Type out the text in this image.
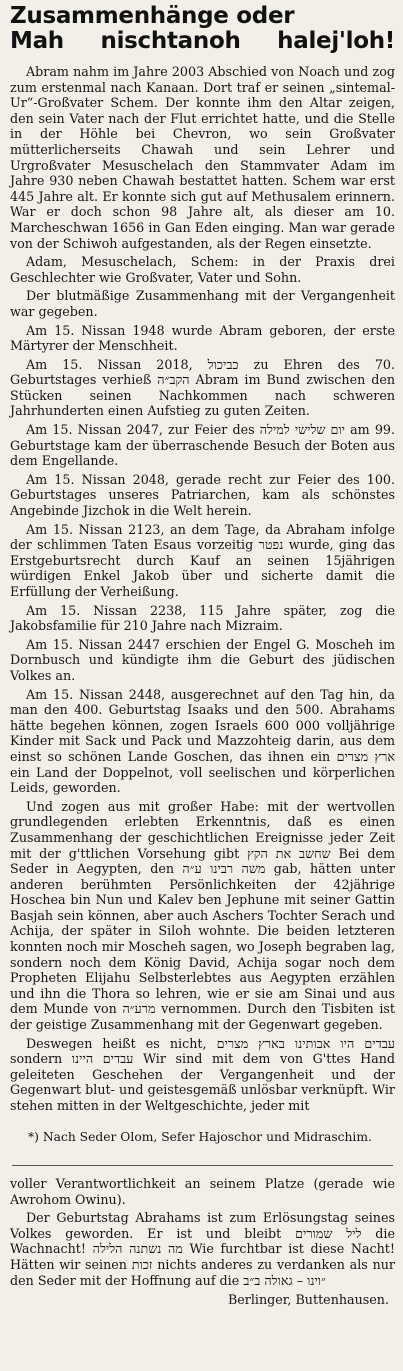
Zusammenhänge oder
Mah nischtanoh halej'loh!

Abram nahm im Jahre 2003 Abschied von Noach und zog zum erstenmal nach Kanaan. Dort traf er seinen „sintemal-Ur“-Großvater Schem. Der konnte ihm den Altar zeigen, den sein Vater nach der Flut errichtet hatte, und die Stelle in der Höhle bei Chevron, wo sein Großvater mütterlicherseits Chawah und sein Lehrer und Urgroßvater Mesuschelach den Stammvater Adam im Jahre 930 neben Chawah bestattet hatten. Schem war erst 445 Jahre alt. Er konnte sich gut auf Methusalem erinnern. War er doch schon 98 Jahre alt, als dieser am 10. Marcheschwan 1656 in Gan Eden einging. Man war gerade von der Schiwoh aufgestanden, als der Regen einsetzte.

Adam, Mesuschelach, Schem: in der Praxis drei Geschlechter wie Großvater, Vater und Sohn.

Der blutmäßige Zusammenhang mit der Vergangenheit war gegeben.

Am 15. Nissan 1948 wurde Abram geboren, der erste Märtyrer der Menschheit.

Am 15. Nissan 2018, כביכול zu Ehren des 70. Geburtstages verhieß הקב״ה Abram im Bund zwischen den Stücken seinen Nachkommen nach schweren Jahrhunderten einen Aufstieg zu guten Zeiten.

Am 15. Nissan 2047, zur Feier des יום שלישי למילה am 99. Geburtstage kam der überraschende Besuch der Boten aus dem Engellande.

Am 15. Nissan 2048, gerade recht zur Feier des 100. Geburtstages unseres Patriarchen, kam als schönstes Angebinde Jizchok in die Welt herein.

Am 15. Nissan 2123, an dem Tage, da Abraham infolge der schlimmen Taten Esaus vorzeitig נפטר wurde, ging das Erstgeburtsrecht durch Kauf an seinen 15jährigen würdigen Enkel Jakob über und sicherte damit die Erfüllung der Verheißung.

Am 15. Nissan 2238, 115 Jahre später, zog die Jakobsfamilie für 210 Jahre nach Mizraim.

Am 15. Nissan 2447 erschien der Engel G. Moscheh im Dornbusch und kündigte ihm die Geburt des jüdischen Volkes an.

Am 15. Nissan 2448, ausgerechnet auf den Tag hin, da man den 400. Geburtstag Isaaks und den 500. Abrahams hätte begehen können, zogen Israels 600 000 volljährige Kinder mit Sack und Pack und Mazzohteig darin, aus dem einst so schönen Lande Goschen, das ihnen ein ארץ מצרים ein Land der Doppelnot, voll seelischen und körperlichen Leids, geworden.

Und zogen aus mit großer Habe: mit der wertvollen grundlegenden erlebten Erkenntnis, daß es einen Zusammenhang der geschichtlichen Ereignisse jeder Zeit mit der g'ttlichen Vorsehung gibt שחשב את הקץ Bei dem Seder in Aegypten, den משה רבינו ע״ה gab, hätten unter anderen berühmten Persönlichkeiten der 42jährige Hoschea bin Nun und Kalev ben Jephune mit seiner Gattin Basjah sein können, aber auch Aschers Tochter Serach und Achija, der später in Siloh wohnte. Die beiden letzteren konnten noch mir Moscheh sagen, wo Joseph begraben lag, sondern noch dem König David, Achija sogar noch dem Propheten Elijahu Selbsterlebtes aus Aegypten erzählen und ihn die Thora so lehren, wie er sie am Sinai und aus dem Munde von מרע״ה vernommen. Durch den Tisbiten ist der geistige Zusammenhang mit der Gegenwart gegeben.

Deswegen heißt es nicht, עבדים היו אבותינו בארץ מצרים sondern עבדים היינו Wir sind mit dem von G'ttes Hand geleiteten Geschehen der Vergangenheit und der Gegenwart blut- und geistesgemäß unlösbar verknüpft. Wir stehen mitten in der Weltgeschichte, jeder mit

*) Nach Seder Olom, Sefer Hajoschor und Midraschim.

voller Verantwortlichkeit an seinem Platze (gerade wie Awrohom Owinu).

Der Geburtstag Abrahams ist zum Erlösungstag seines Volkes geworden. Er ist und bleibt ליל שמורים die Wachnacht! מה נשתנה הלילה Wie furchtbar ist diese Nacht! Hätten wir seinen זכות nichts anderes zu verdanken als nur den Seder mit der Hoffnung auf die ״וינו – גאולה ב״ב

Berlinger, Buttenhausen.
